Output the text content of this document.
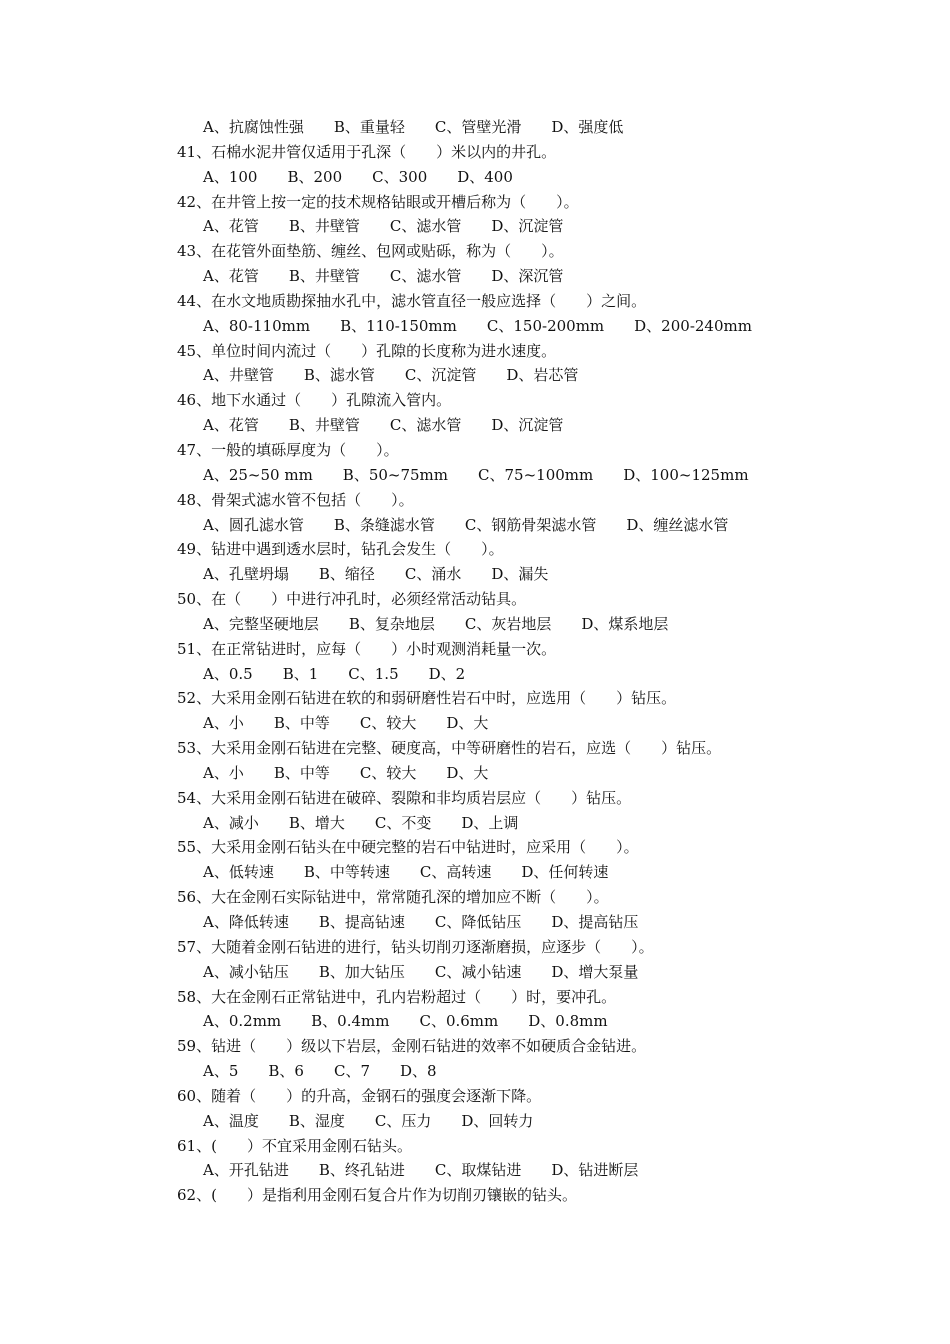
A、抗腐蚀性强 B、重量轻 C、管壁光滑 D、强度低
41、石棉水泥井管仅适用于孔深（　　）米以内的井孔。
A、100 B、200 C、300 D、400
42、在井管上按一定的技术规格钻眼或开槽后称为（　　）。
A、花管 B、井壁管 C、滤水管 D、沉淀管
43、在花管外面垫筋、缠丝、包网或贴砾，称为（　　）。
A、花管 B、井壁管 C、滤水管 D、深沉管
44、在水文地质勘探抽水孔中，滤水管直径一般应选择（　　）之间。
A、80-110mm B、110-150mm C、150-200mm D、200-240mm
45、单位时间内流过（　　）孔隙的长度称为进水速度。
A、井壁管 B、滤水管 C、沉淀管 D、岩芯管
46、地下水通过（　　）孔隙流入管内。
A、花管 B、井壁管 C、滤水管 D、沉淀管
47、一般的填砾厚度为（　　）。
A、25~50 mm B、50~75mm C、75~100mm D、100~125mm
48、骨架式滤水管不包括（　　）。
A、圆孔滤水管 B、条缝滤水管 C、钢筋骨架滤水管 D、缠丝滤水管
49、钻进中遇到透水层时，钻孔会发生（　　）。
A、孔壁坍塌 B、缩径 C、涌水 D、漏失
50、在（　　）中进行冲孔时，必须经常活动钻具。
A、完整坚硬地层 B、复杂地层 C、灰岩地层 D、煤系地层
51、在正常钻进时，应每（　　）小时观测消耗量一次。
A、0.5 B、1 C、1.5 D、2
52、大采用金刚石钻进在软的和弱研磨性岩石中时，应选用（　　）钻压。
A、小 B、中等 C、较大 D、大
53、大采用金刚石钻进在完整、硬度高，中等研磨性的岩石，应选（　　）钻压。
A、小 B、中等 C、较大 D、大
54、大采用金刚石钻进在破碎、裂隙和非均质岩层应（　　）钻压。
A、减小 B、增大 C、不变 D、上调
55、大采用金刚石钻头在中硬完整的岩石中钻进时，应采用（　　）。
A、低转速 B、中等转速 C、高转速 D、任何转速
56、大在金刚石实际钻进中，常常随孔深的增加应不断（　　）。
A、降低转速 B、提高钻速 C、降低钻压 D、提高钻压
57、大随着金刚石钻进的进行，钻头切削刃逐渐磨损，应逐步（　　）。
A、减小钻压 B、加大钻压 C、减小钻速 D、增大泵量
58、大在金刚石正常钻进中，孔内岩粉超过（　　）时，要冲孔。
A、0.2mm B、0.4mm C、0.6mm D、0.8mm
59、钻进（　　）级以下岩层，金刚石钻进的效率不如硬质合金钻进。
A、5 B、6 C、7 D、8
60、随着（　　）的升高，金钢石的强度会逐渐下降。
A、温度 B、湿度 C、压力 D、回转力
61、(　　）不宜采用金刚石钻头。
A、开孔钻进 B、终孔钻进 C、取煤钻进 D、钻进断层
62、(　　）是指利用金刚石复合片作为切削刃镶嵌的钻头。
